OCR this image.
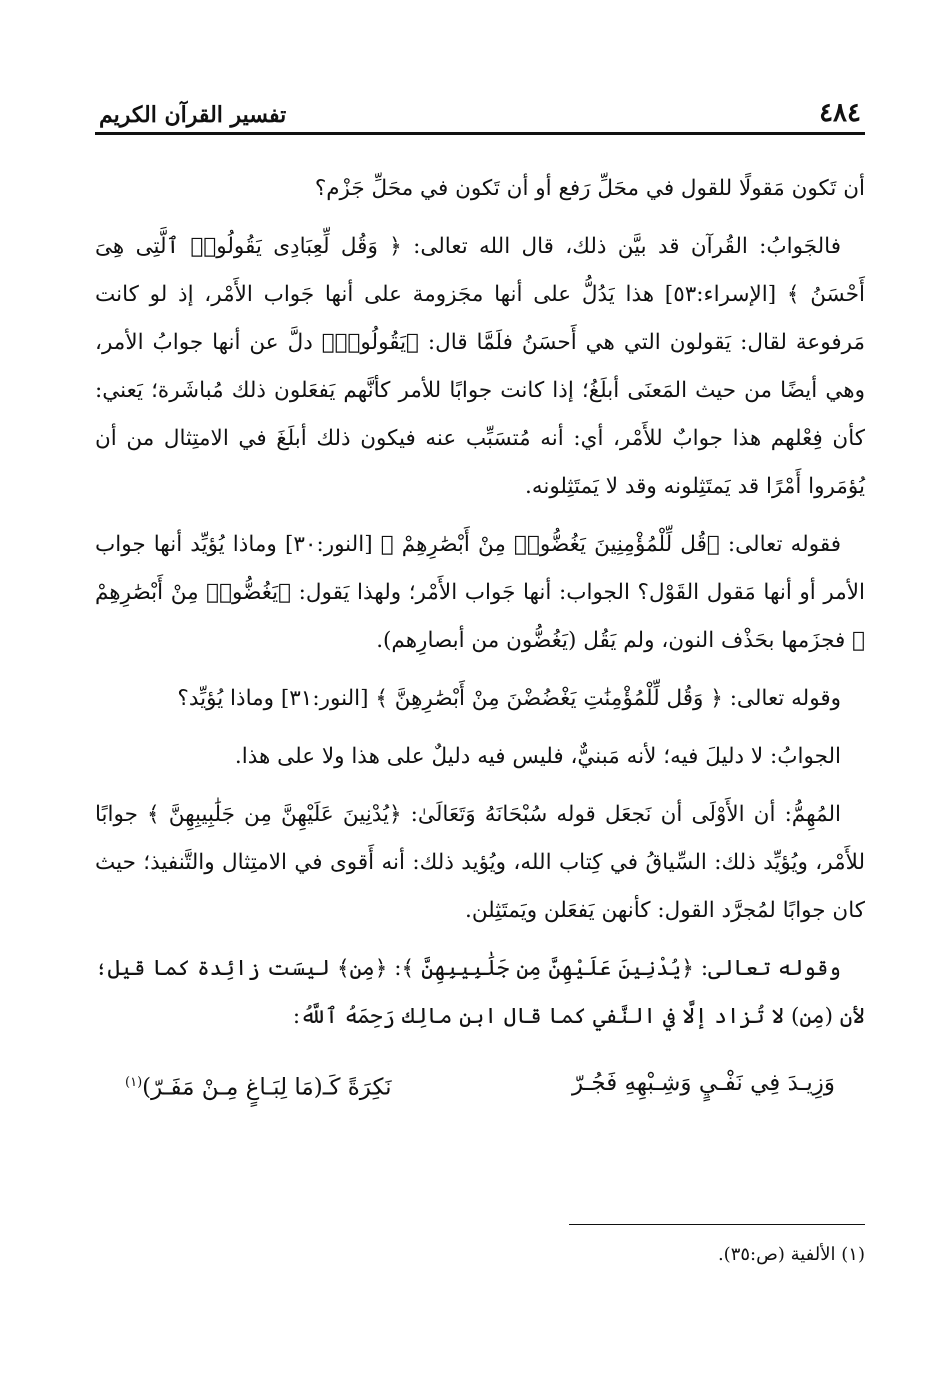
٤٨٤
تفسير القرآن الكريم

أن تَكون مَقولًا للقول في محَلِّ رَفع أو أن تَكون في محَلِّ جَزْم؟

فالجَوابُ: القُرآن قد بيَّن ذلك، قال الله تعالى: ﴿ وَقُل لِّعِبَادِى يَقُولُوا۟ ٱلَّتِى هِىَ أَحْسَنُ ﴾ [الإسراء:٥٣] هذا يَدُلُّ على أنها مجَزومة على أنها جَواب الأَمْر، إذ لو كانت مَرفوعة لقال: يَقولون التي هي أَحسَنُ فلَمَّا قال: ﴿يَقُولُوا۟﴾ دلَّ عن أنها جوابُ الأمر، وهي أيضًا من حيث المَعنَى أبلَغُ؛ إذا كانت جوابًا للأمر كأنَّهم يَفعَلون ذلك مُباشَرة؛ يَعني: كأن فِعْلهم هذا جوابٌ للأَمْر، أي: أنه مُتسَبِّب عنه فيكون ذلك أبلَغَ في الامتِثال من أن يُؤمَروا أَمْرًا قد يَمتَثِلونه وقد لا يَمتَثِلونه.

فقوله تعالى: ﴿قُل لِّلْمُؤْمِنِينَ يَغُضُّوا۟ مِنْ أَبْصَٰرِهِمْ ﴾ [النور:٣٠] وماذا يُؤيِّد أنها جواب الأمر أو أنها مَقول القَوْل؟ الجواب: أنها جَواب الأَمْر؛ ولهذا يَقول: ﴿يَغُضُّوا۟ مِنْ أَبْصَٰرِهِمْ ﴾ فجزَمها بحَذْف النون، ولم يَقُل (يَغُضُّون من أبصارِهم).

وقوله تعالى: ﴿ وَقُل لِّلْمُؤْمِنَٰتِ يَغْضُضْنَ مِنْ أَبْصَٰرِهِنَّ ﴾ [النور:٣١] وماذا يُؤيِّد؟

الجوابُ: لا دليلَ فيه؛ لأنه مَبنيٌّ، فليس فيه دليلٌ على هذا ولا على هذا.

المُهِمُّ: أن الأَوْلَى أن نَجعَل قوله سُبْحَانَهُ وَتَعَالَىٰ: ﴿يُدْنِينَ عَلَيْهِنَّ مِن جَلَٰبِيبِهِنَّ ﴾ جوابًا للأَمْر، ويُؤيِّد ذلك: السِّياقُ في كِتاب الله، ويُؤيد ذلك: أنه أَقوى في الامتِثال والتَّنفيذ؛ حيث كان جوابًا لمُجرَّد القول: كأنهن يَفعَلن ويَمتَثِلن.

وقوله تعالى: ﴿يُدْنِينَ عَلَيْهِنَّ مِن جَلَٰبِيبِهِنَّ ﴾: ﴿مِن﴾ ليسَت زائِدة كما قيل؛ لأن (مِن) لا تُزاد إلَّا في النَّفي كما قال ابن مالِك رَحِمَهُ ٱللَّهُ:

وَزِيـدَ فِي نَفْـيٍ وَشِـبْهِهِ فَجُـرّ
نَكِرَةً كَـ(مَا لِبَـاغٍ مِـنْ مَفَـرّ)$^{(١)}$
(١) الألفية (ص:٣٥).
